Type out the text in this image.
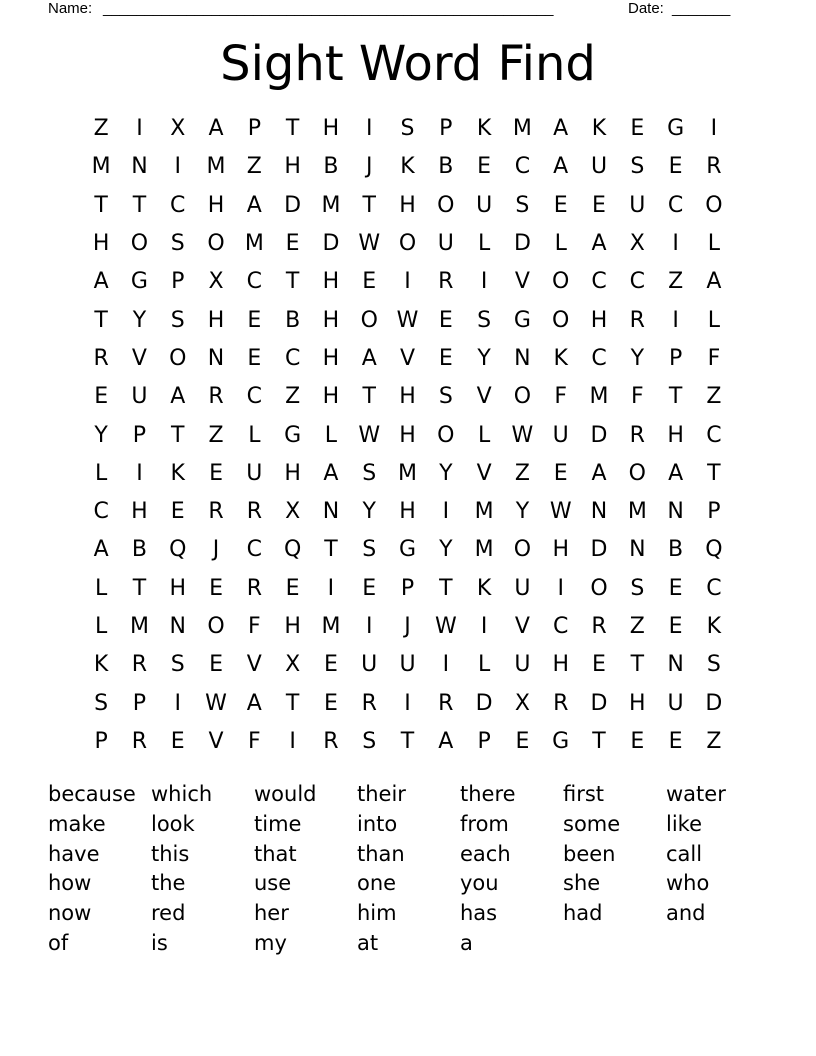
Name: ______________________________________________________	Date: _______
Sight Word Find
Z	I	X	A	P	T	H	I	S	P	K M A	K	E	G	I
M N	I	M Z	H	B	J	K	B	E	C	A	U	S	E	R
T	T	C	H	A	D M	T	H O U	S	E	E	U	C O
H O	S	O M E	D W O U	L	D	L	A	X	I	L
A	G	P	X	C	T	H	E	I	R	I	V	O C	C	Z	A
T	Y	S	H	E	B	H O W E	S	G O H	R	I	L
R	V	O N	E	C	H	A	V	E	Y	N	K	C	Y	P	F
E	U	A	R	C	Z	H	T	H	S	V	O	F	M	F	T	Z
Y	P	T	Z	L	G	L W H O	L W U D	R	H	C
L	I	K	E	U H	A	S M	Y	V	Z	E	A	O	A	T
C	H	E	R	R	X	N	Y	H	I	M	Y W N M N	P
A	B	Q	J	C Q	T	S	G	Y	M O H D N	B	Q
L	T	H	E	R	E	I	E	P	T	K	U	I	O	S	E	C
L	M N O	F	H M	I	J	W	I	V	C	R	Z	E	K
K	R	S	E	V	X	E	U	U	I	L	U H	E	T	N	S
S	P	I	W A	T	E	R	I	R	D	X	R	D H U D
P	R	E	V	F	I	R	S	T	A	P	E	G	T	E	E	Z
because which	would	their	there	first	water
make	look	time	into	from	some	like
have	this	that	than	each	been	call
how	the	use	one	you	she	who
now	red	her	him	has	had	and
of	is	my	at	a
